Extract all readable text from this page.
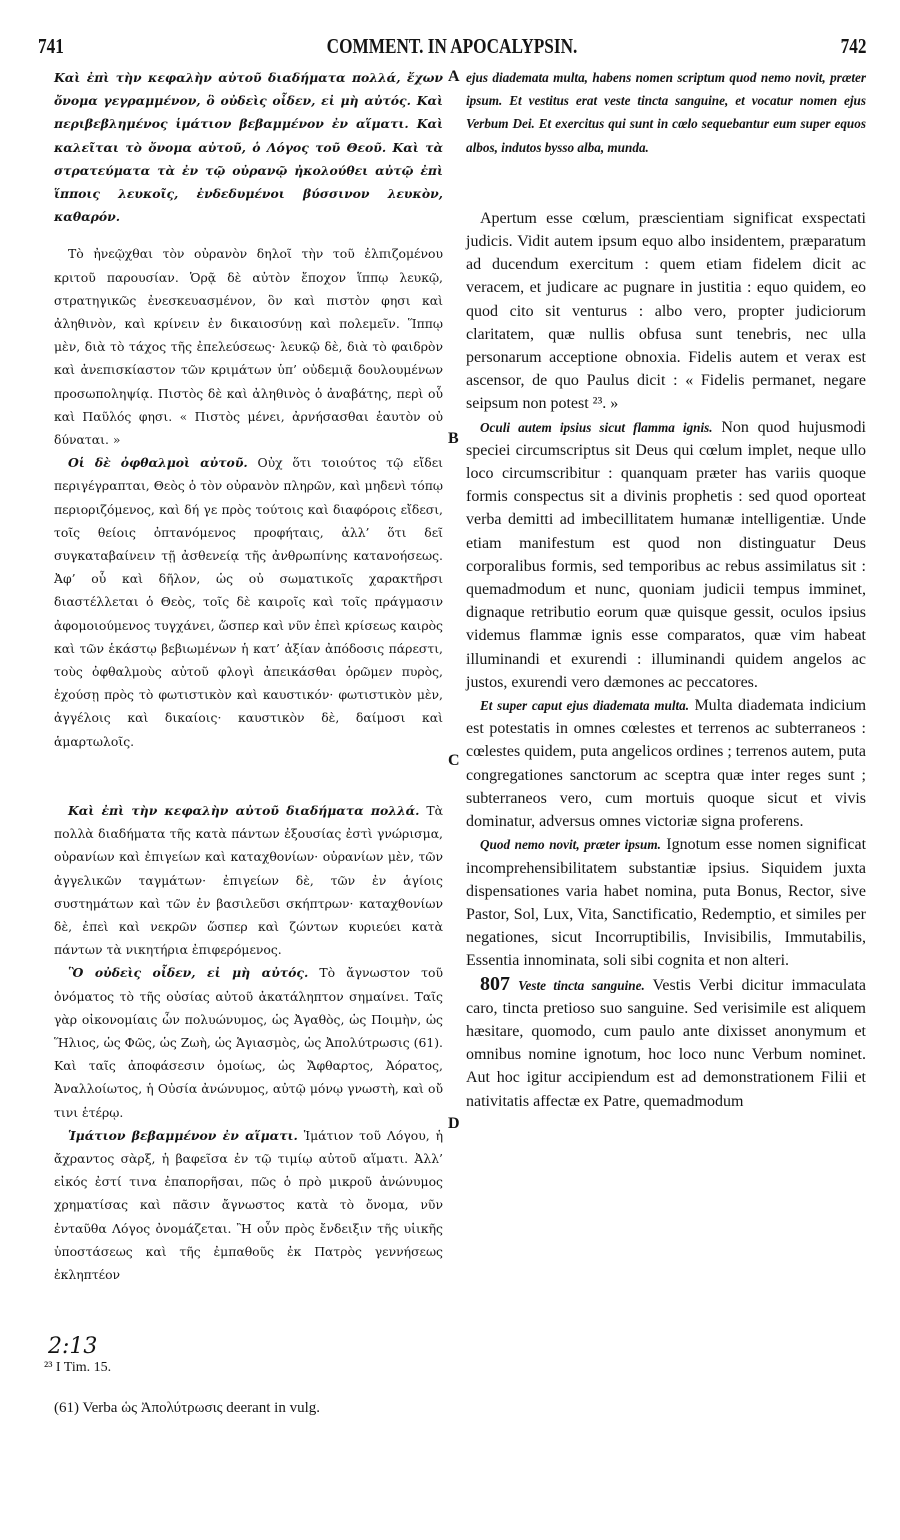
741	COMMENT. IN APOCALYPSIN.	742

Καὶ ἐπὶ τὴν κεφαλὴν αὐτοῦ διαδήματα πολλά, ἔχων ὄνομα γεγραμμένον, ὃ οὐδεὶς οἶδεν, εἰ μὴ αὐτός. Καὶ περιβεβλημένος ἱμάτιον βεβαμμένον ἐν αἵματι. Καὶ καλεῖται τὸ ὄνομα αὐτοῦ, ὁ Λόγος τοῦ Θεοῦ. Καὶ τὰ στρατεύματα τὰ ἐν τῷ οὐρανῷ ἠκολούθει αὐτῷ ἐπὶ ἵπποις λευκοῖς, ἐνδεδυμένοι βύσσινον λευκὸν, καθαρόν.

Τὸ ἠνεῷχθαι τὸν οὐρανὸν δηλοῖ τὴν τοῦ ἐλπιζομένου κριτοῦ παρουσίαν. Ὁρᾷ δὲ αὐτὸν ἔποχον ἵππῳ λευκῷ, στρατηγικῶς ἐνεσκευασμένον, ὃν καὶ πιστὸν φησι καὶ ἀληθινὸν, καὶ κρίνειν ἐν δικαιοσύνῃ καὶ πολεμεῖν. Ἵππῳ μὲν, διὰ τὸ τάχος τῆς ἐπελεύσεως· λευκῷ δὲ, διὰ τὸ φαιδρὸν καὶ ἀνεπισκίαστον τῶν κριμάτων ὑπ’ οὐδεμιᾷ δουλουμένων προσωποληψίᾳ. Πιστὸς δὲ καὶ ἀληθινὸς ὁ ἀναβάτης, περὶ οὗ καὶ Παῦλός φησι. « Πιστὸς μένει, ἀρνήσασθαι ἑαυτὸν οὐ δύναται. »

Οἱ δὲ ὀφθαλμοὶ αὐτοῦ. Οὐχ ὅτι τοιούτος τῷ εἴδει περιγέγραπται, Θεὸς ὁ τὸν οὐρανὸν πληρῶν, καὶ μηδενὶ τόπῳ περιοριζόμενος, καὶ δή γε πρὸς τούτοις καὶ διαφόροις εἴδεσι, τοῖς θείοις ὀπτανόμενος προφήταις, ἀλλ’ ὅτι δεῖ συγκαταβαίνειν τῇ ἀσθενείᾳ τῆς ἀνθρωπίνης κατανοήσεως. Ἀφ’ οὗ καὶ δῆλον, ὡς οὐ σωματικοῖς χαρακτῆρσι διαστέλλεται ὁ Θεὸς, τοῖς δὲ καιροῖς καὶ τοῖς πράγμασιν ἀφομοιούμενος τυγχάνει, ὥσπερ καὶ νῦν ἐπεὶ κρίσεως καιρὸς καὶ τῶν ἑκάστῳ βεβιωμένων ἡ κατ’ ἀξίαν ἀπόδοσις πάρεστι, τοὺς ὀφθαλμοὺς αὐτοῦ φλογὶ ἀπεικάσθαι ὁρῶμεν πυρὸς, ἐχούσῃ πρὸς τὸ φωτιστικὸν καὶ καυστικόν· φωτιστικὸν μὲν, ἀγγέλοις καὶ δικαίοις· καυστικὸν δὲ, δαίμοσι καὶ ἁμαρτωλοῖς.

Καὶ ἐπὶ τὴν κεφαλὴν αὐτοῦ διαδήματα πολλά. Τὰ πολλὰ διαδήματα τῆς κατὰ πάντων ἐξουσίας ἐστὶ γνώρισμα, οὐρανίων καὶ ἐπιγείων καὶ καταχθονίων· οὐρανίων μὲν, τῶν ἀγγελικῶν ταγμάτων· ἐπιγείων δὲ, τῶν ἐν ἁγίοις συστημάτων καὶ τῶν ἐν βασιλεῦσι σκήπτρων· καταχθονίων δὲ, ἐπεὶ καὶ νεκρῶν ὥσπερ καὶ ζώντων κυριεύει κατὰ πάντων τὰ νικητήρια ἐπιφερόμενος.

Ὃ οὐδεὶς οἶδεν, εἰ μὴ αὐτός. Τὸ ἄγνωστον τοῦ ὀνόματος τὸ τῆς οὐσίας αὐτοῦ ἀκατάληπτον σημαίνει. Ταῖς γὰρ οἰκονομίαις ὧν πολυώνυμος, ὡς Ἀγαθὸς, ὡς Ποιμὴν, ὡς Ἥλιος, ὡς Φῶς, ὡς Ζωὴ, ὡς Ἁγιασμὸς, ὡς Ἀπολύτρωσις (61). Καὶ ταῖς ἀποφάσεσιν ὁμοίως, ὡς Ἄφθαρτος, Ἀόρατος, Ἀναλλοίωτος, ἡ Οὐσία ἀνώνυμος, αὐτῷ μόνῳ γνωστὴ, καὶ οὔ τινι ἑτέρῳ.

Ἱμάτιον βεβαμμένον ἐν αἵματι. Ἱμάτιον τοῦ Λόγου, ἡ ἄχραντος σὰρξ, ἡ βαφεῖσα ἐν τῷ τιμίῳ αὐτοῦ αἵματι. Ἀλλ’ εἰκός ἐστί τινα ἐπαπορῆσαι, πῶς ὁ πρὸ μικροῦ ἀνώνυμος χρηματίσας καὶ πᾶσιν ἄγνωστος κατὰ τὸ ὄνομα, νῦν ἐνταῦθα Λόγος ὀνομάζεται. Ἢ οὖν πρὸς ἔνδειξιν τῆς υἱικῆς ὑποστάσεως καὶ τῆς ἐμπαθοῦς ἐκ Πατρὸς γεννήσεως ἐκληπτέον

ejus diademata multa, habens nomen scriptum quod nemo novit, præter ipsum. Et vestitus erat veste tincta sanguine, et vocatur nomen ejus Verbum Dei. Et exercitus qui sunt in cœlo sequebantur eum super equos albos, indutos bysso alba, munda.

Apertum esse cœlum, præscientiam significat exspectati judicis. Vidit autem ipsum equo albo insidentem, præparatum ad ducendum exercitum : quem etiam fidelem dicit ac veracem, et judicare ac pugnare in justitia : equo quidem, eo quod cito sit venturus : albo vero, propter judiciorum claritatem, quæ nullis obfusa sunt tenebris, nec ulla personarum acceptione obnoxia. Fidelis autem et verax est ascensor, de quo Paulus dicit : « Fidelis permanet, negare seipsum non potest ²³. »

Oculi autem ipsius sicut flamma ignis. Non quod hujusmodi speciei circumscriptus sit Deus qui cœlum implet, neque ullo loco circumscribitur : quanquam præter has variis quoque formis conspectus sit a divinis prophetis : sed quod oporteat verba demitti ad imbecillitatem humanæ intelligentiæ. Unde etiam manifestum est quod non distinguatur Deus corporalibus formis, sed temporibus ac rebus assimilatus sit : quemadmodum et nunc, quoniam judicii tempus imminet, dignaque retributio eorum quæ quisque gessit, oculos ipsius videmus flammæ ignis esse comparatos, quæ vim habeat illuminandi et exurendi : illuminandi quidem angelos ac justos, exurendi vero dæmones ac peccatores.

Et super caput ejus diademata multa. Multa diademata indicium est potestatis in omnes cœlestes et terrenos ac subterraneos : cœlestes quidem, puta angelicos ordines ; terrenos autem, puta congregationes sanctorum ac sceptra quæ inter reges sunt ; subterraneos vero, cum mortuis quoque sicut et vivis dominatur, adversus omnes victoriæ signa proferens.

Quod nemo novit, præter ipsum. Ignotum esse nomen significat incomprehensibilitatem substantiæ ipsius. Siquidem juxta dispensationes varia habet nomina, puta Bonus, Rector, sive Pastor, Sol, Lux, Vita, Sanctificatio, Redemptio, et similes per negationes, sicut Incorruptibilis, Invisibilis, Immutabilis, Essentia innominata, soli sibi cognita et non alteri.

807 Veste tincta sanguine. Vestis Verbi dicitur immaculata caro, tincta pretioso suo sanguine. Sed verisimile est aliquem hæsitare, quomodo, cum paulo ante dixisset anonymum et omnibus nomine ignotum, hoc loco nunc Verbum nominet. Aut hoc igitur accipiendum est ad demonstrationem Filii et nativitatis affectæ ex Patre, quemadmodum

A
B
C
D
2:13
²³ I Tim. 15.
(61) Verba ὡς Ἀπολύτρωσις deerant in vulg.
